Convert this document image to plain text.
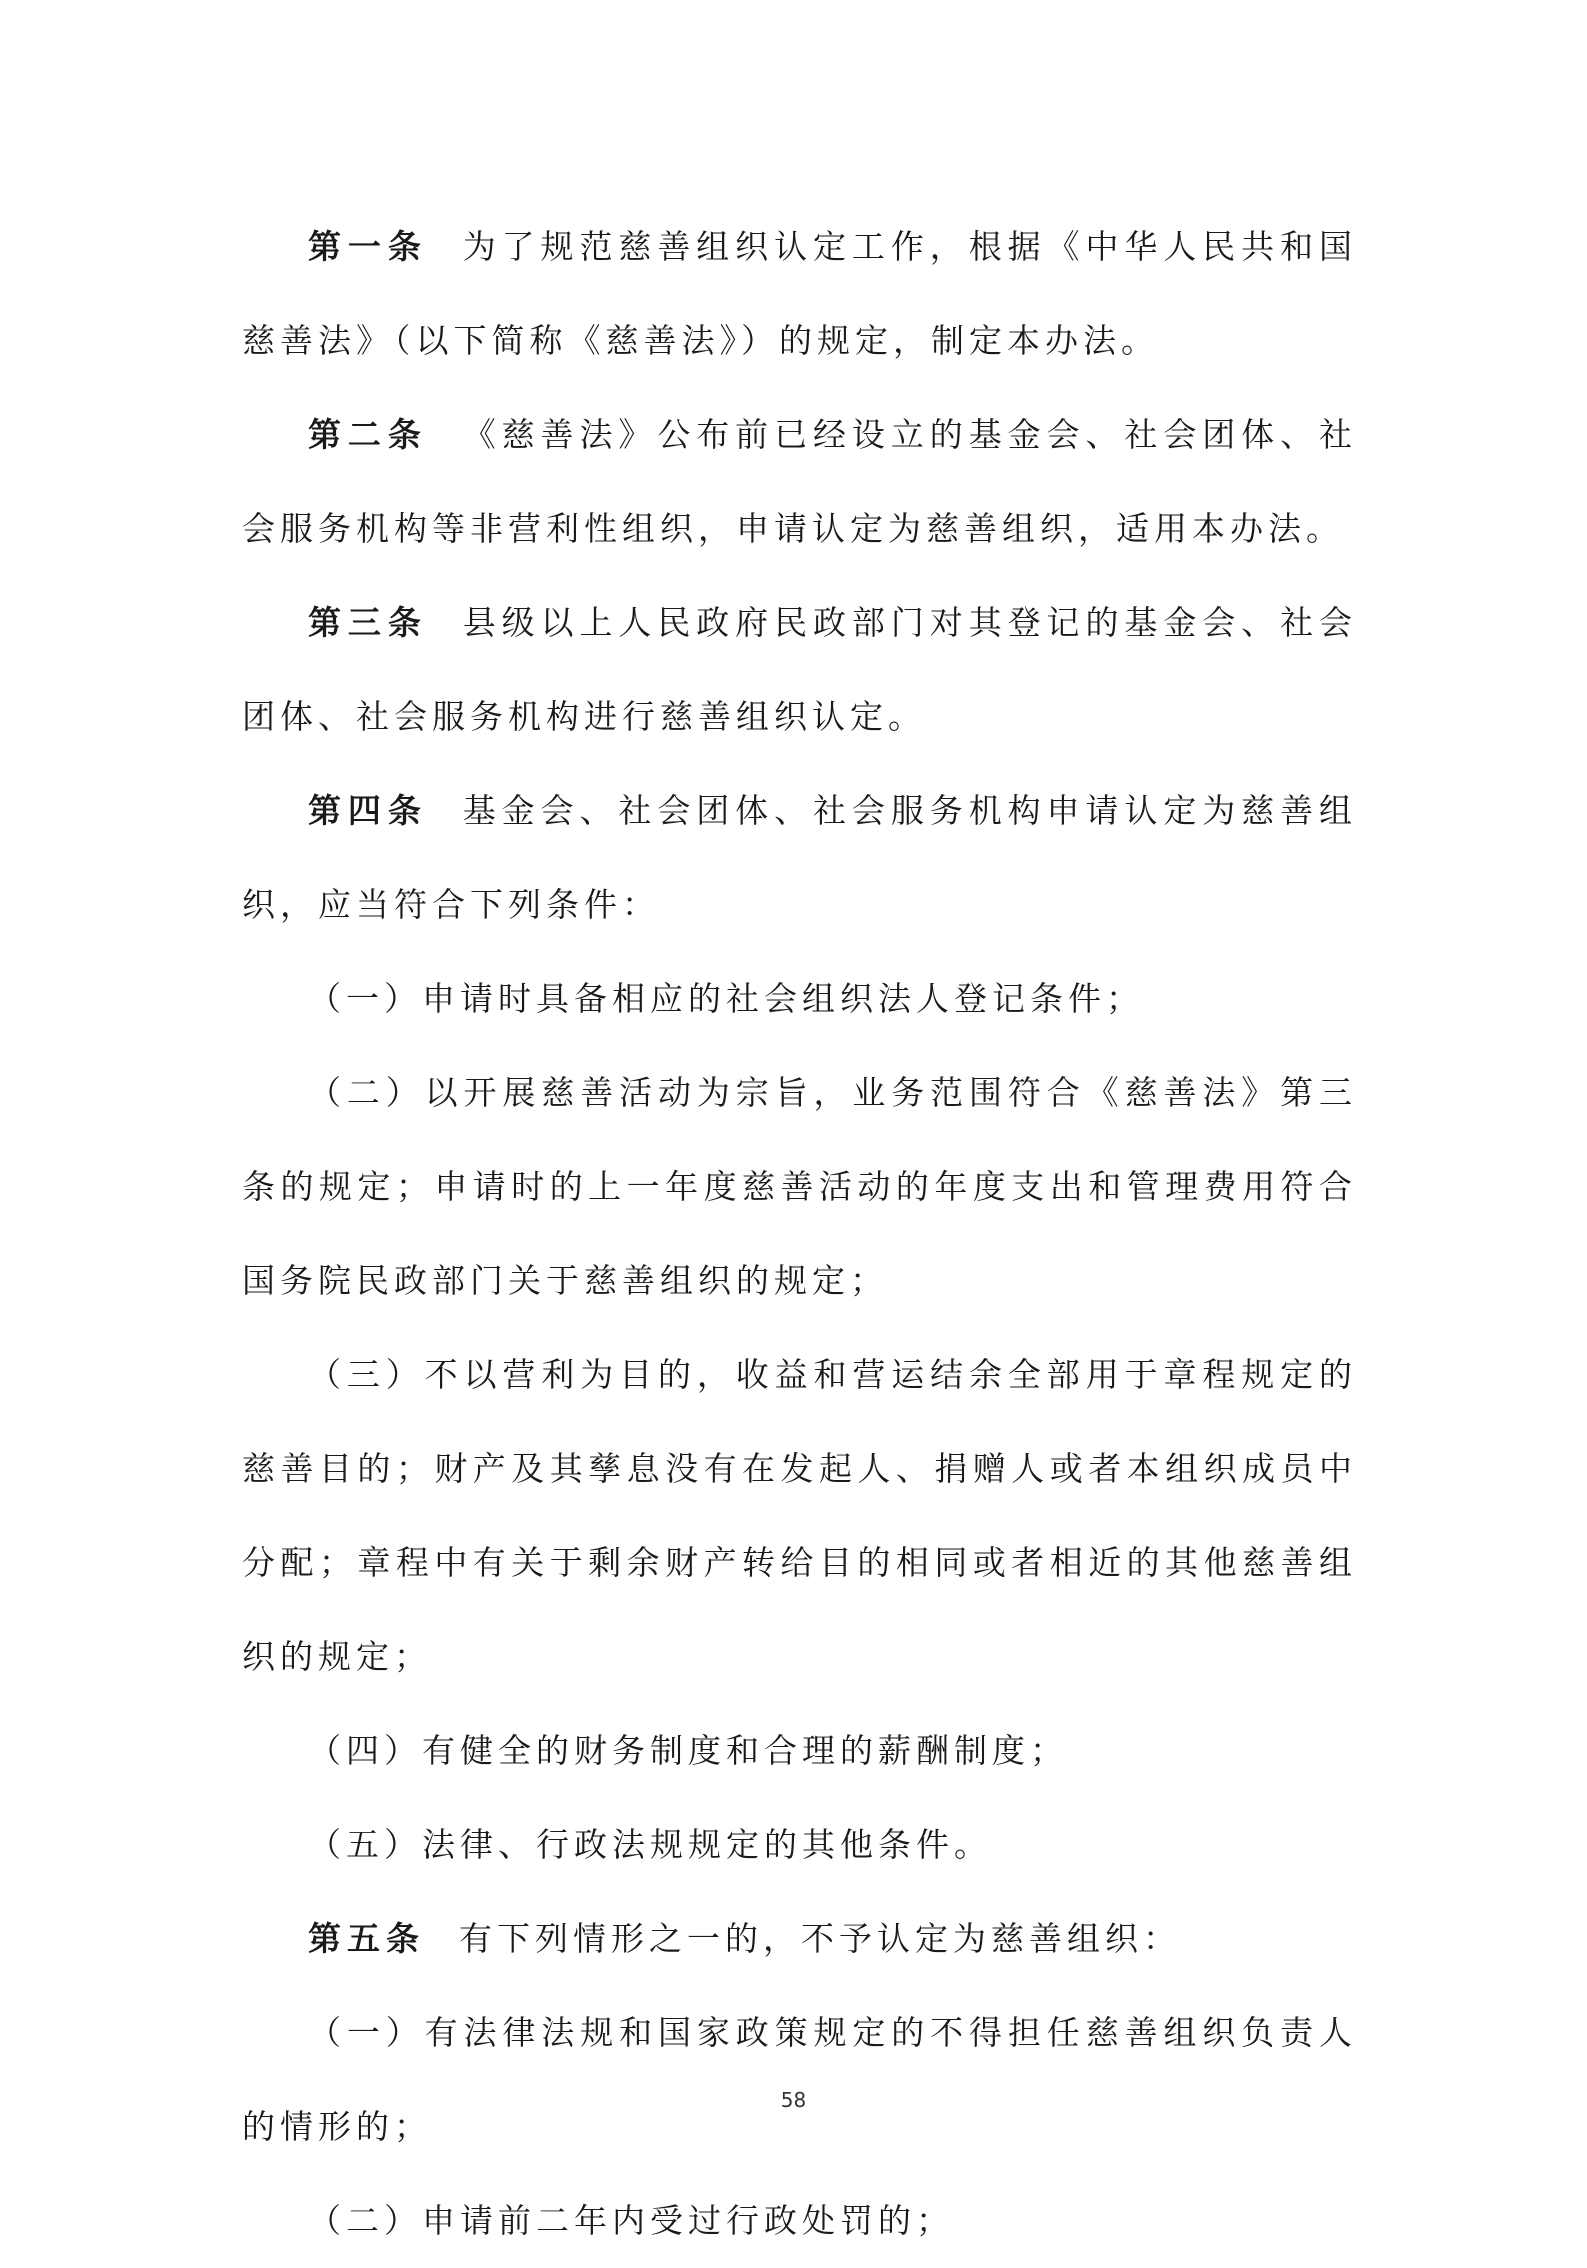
第一条 为了规范慈善组织认定工作，根据《中华人民共和国慈善法》（以下简称《慈善法》）的规定，制定本办法。

第二条 《慈善法》公布前已经设立的基金会、社会团体、社会服务机构等非营利性组织，申请认定为慈善组织，适用本办法。

第三条 县级以上人民政府民政部门对其登记的基金会、社会团体、社会服务机构进行慈善组织认定。

第四条 基金会、社会团体、社会服务机构申请认定为慈善组织，应当符合下列条件：

（一）申请时具备相应的社会组织法人登记条件；

（二）以开展慈善活动为宗旨，业务范围符合《慈善法》第三条的规定；申请时的上一年度慈善活动的年度支出和管理费用符合国务院民政部门关于慈善组织的规定；

（三）不以营利为目的，收益和营运结余全部用于章程规定的慈善目的；财产及其孳息没有在发起人、捐赠人或者本组织成员中分配；章程中有关于剩余财产转给目的相同或者相近的其他慈善组织的规定；

（四）有健全的财务制度和合理的薪酬制度；

（五）法律、行政法规规定的其他条件。

第五条 有下列情形之一的，不予认定为慈善组织：

（一）有法律法规和国家政策规定的不得担任慈善组织负责人的情形的；

（二）申请前二年内受过行政处罚的；

58
